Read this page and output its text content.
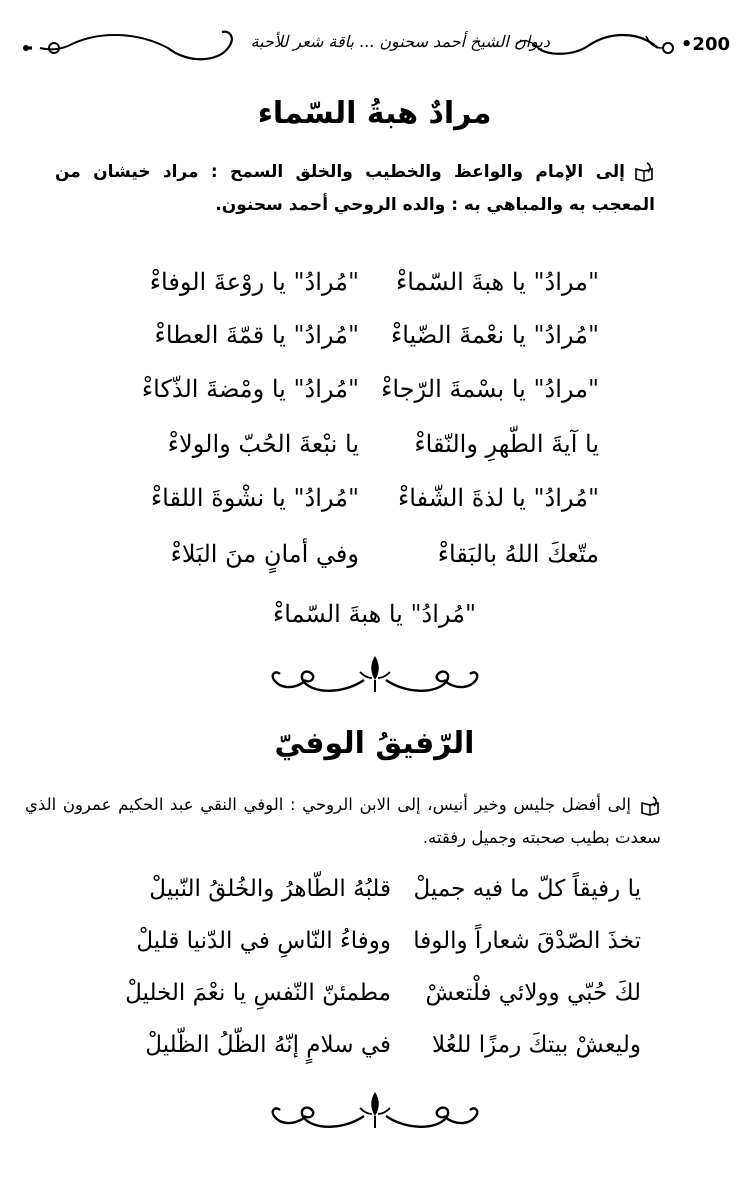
•200
ديوان الشيخ أحمد سحنون ... باقة شعر للأحبة
مرادٌ هبةُ السّماء
إلى الإمام والواعظ والخطيب والخلق السمح : مراد خيشان من المعجب به والمباهي به : والده الروحي أحمد سحنون.
"مرادُ" يا هبةَ السّماءْ
"مُرادُ" يا روْعةَ الوفاءْ
"مُرادُ" يا نعْمةَ الضّياءْ
"مُرادُ" يا قمّةَ العطاءْ
"مرادُ" يا بسْمةَ الرّجاءْ
"مُرادُ" يا ومْضةَ الذّكاءْ
يا آيةَ الطّهرِ والنّقاءْ
يا نبْعةَ الحُبّ والولاءْ
"مُرادُ" يا لذةَ الشّفاءْ
"مُرادُ" يا نشْوةَ اللقاءْ
متّعكَ اللهُ بالبَقاءْ
وفي أمانٍ منَ البَلاءْ
"مُرادُ" يا هبةَ السّماءْ
الرّفيقُ الوفيّ
إلى أفضل جليس وخير أنيس، إلى الابن الروحي : الوفي النقي عبد الحكيم عمرون الذي سعدت بطيب صحبته وجميل رفقته.
يا رفيقاً كلّ ما فيه جميلْ
قلبُهُ الطّاهرُ والخُلقُ النّبيلْ
تخذَ الصّدْقَ شعاراً والوفا
ووفاءُ النّاسِ في الدّنيا قليلْ
لكَ حُبّي وولائي فلْتعشْ
مطمئنّ النّفسِ يا نعْمَ الخليلْ
وليعشْ بيتكَ رمزًا للعُلا
في سلامٍ إنّهُ الظّلُ الظّليلْ
